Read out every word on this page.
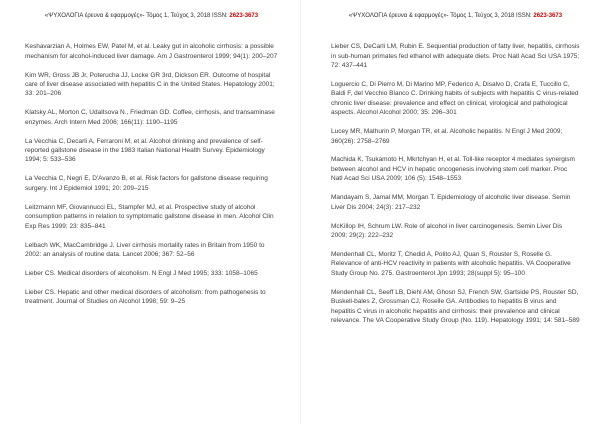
«ΨΥΧΟΛΟΓΙΑ έρευνα & εφαρμογές»- Τόμος 1, Τεύχος 3, 2018 ISSN: 2623-3673

Keshavarzian A, Holmes EW, Patel M, et al. Leaky gut in alcoholic cirrhosis: a possible mechanism for alcohol-induced liver damage. Am J Gastroenterol 1999; 94(1): 200–207

Kim WR, Gross JB Jr, Poterucha JJ, Locke GR 3rd, Dickson ER. Outcome of hospital care of liver disease associated with hepatitis C in the United States. Hepatology 2001; 33: 201–206

Klatsky AL, Morton C, Udaltsova N., Friedman GD. Coffee, cirrhosis, and transaminase enzymes. Arch Intern Med 2006; 166(11): 1190–1195

La Vecchia C, Decarli A, Ferraroni M, et al. Alcohol drinking and prevalence of self-reported gallstone disease in the 1983 Italian National Health Survey. Epidemiology 1994; 5: 533–536

La Vecchia C, Negri E, D'Avanzo B, et al. Risk factors for gallstone disease requiring surgery. Int J Epidemiol 1991; 20: 209–215

Leitzmann MF, Giovannucci EL, Stampfer MJ, et al. Prospective study of alcohol consumption patterns in relation to symptomatic gallstone disease in men. Alcohol Clin Exp Res 1999; 23: 835–841

Lelbach WK, MacCambridge J. Liver cirrhosis mortality rates in Britain from 1950 to 2002: an analysis of routine data. Lancet 2006; 367: 52–56

Lieber CS. Medical disorders of alcoholism. N Engl J Med 1995; 333: 1058–1065

Lieber CS. Hepatic and other medical disorders of alcoholism: from pathogenesis to treatment. Journal of Studies on Alcohol 1998; 59: 9–25

«ΨΥΧΟΛΟΓΙΑ έρευνα & εφαρμογές»- Τόμος 1, Τεύχος 3, 2018 ISSN: 2623-3673

Lieber CS, DeCarli LM, Rubin E. Sequential production of fatty liver, hepatitis, cirrhosis in sub-human primates fed ethanol with adequate diets. Proc Natl Acad Sci USA 1975; 72: 437–441

Loguercio C, Di Pierro M, Di Marino MP, Federico A, Disalvo D, Crafa E, Tuccillo C, Baldi F, del Vecchio Blanco C. Drinking habits of subjects with hepatitis C virus-related chronic liver disease: prevalence and effect on clinical, virological and pathological aspects. Alcohol Alcohol 2000; 35: 296–301

Lucey MR, Mathurin P, Morgan TR, et al. Alcoholic hepatitis. N Engl J Med 2009; 360(26): 2758–2769

Machida K, Tsukamoto H, Mkrtchyan H, et al. Toll-like receptor 4 mediates synergism between alcohol and HCV in hepatic oncogenesis involving stem cell marker. Proc Natl Acad Sci USA 2009; 106 (5): 1548–1553

Mandayam S, Jamal MM, Morgan T. Epidemiology of alcoholic liver disease. Semin Liver Dis 2004; 24(3): 217–232

McKillop IH, Schrum LW. Role of alcohol in liver carcinogenesis. Semin Liver Dis 2009; 29(2): 222–232

Mendenhall CL, Moritz T, Chedid A, Polito AJ, Quan S, Rouster S, Roselle G. Relevance of anti-HCV reactivity in patients with alcoholic hepatitis. VA Cooperative Study Group No. 275. Gastroenterol Jpn 1993; 28(suppl 5): 95–100

Mendenhall CL, Seeff LB, Diehl AM, Ghosn SJ, French SW, Gartside PS, Rouster SD, Buskell-bales Z, Grossman CJ, Roselle GA. Antibodies to hepatitis B virus and hepatitis C virus in alcoholic hepatitis and cirrhosis: their prevalence and clinical relevance. The VA Cooperative Study Group (No. 119). Hepatology 1991; 14: 581–589
